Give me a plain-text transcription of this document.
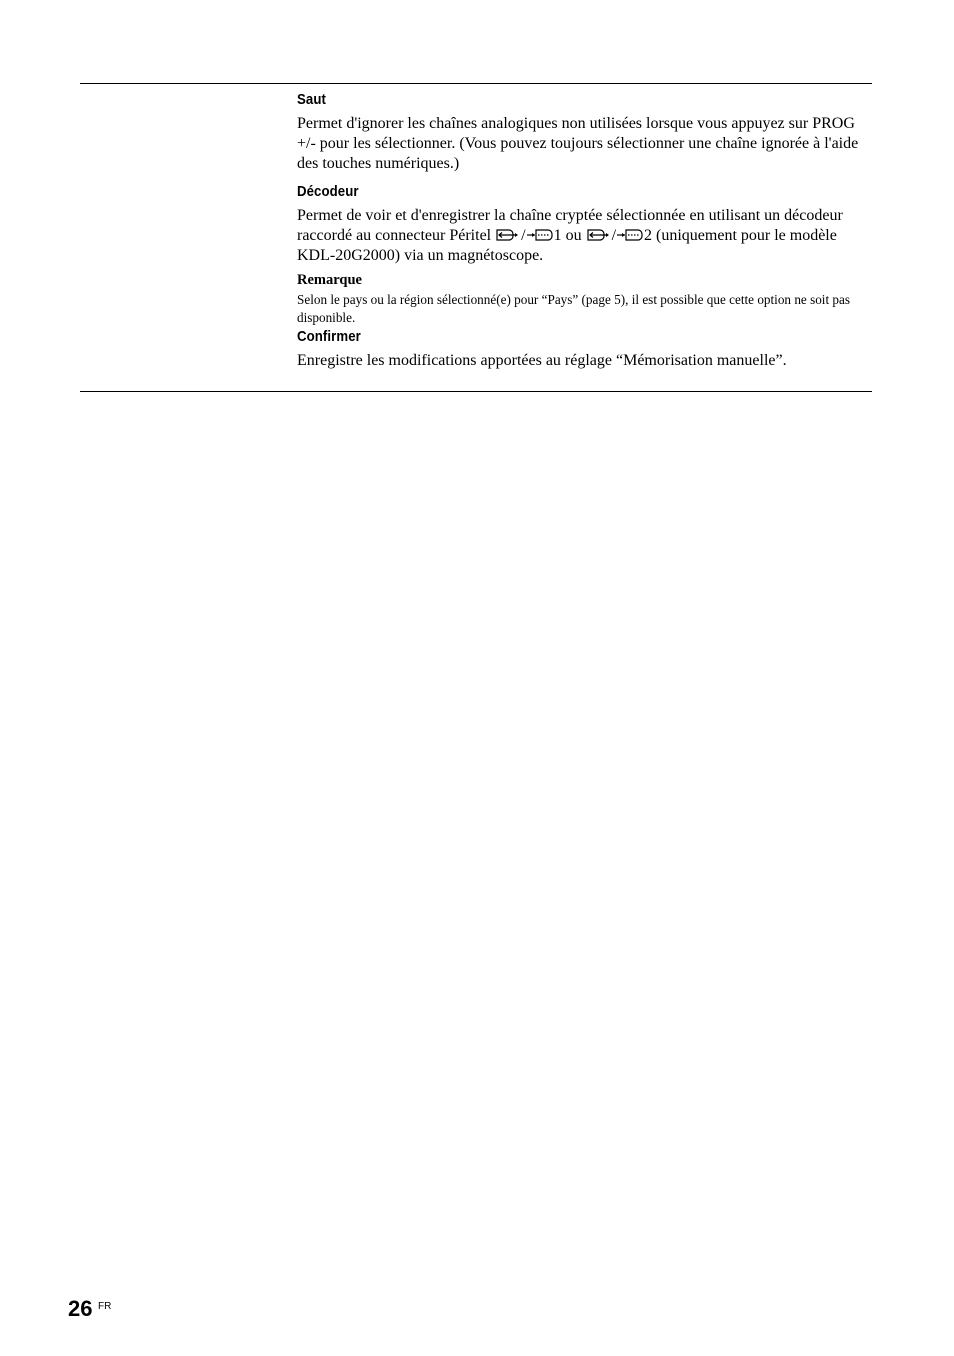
Saut

Permet d'ignorer les chaînes analogiques non utilisées lorsque vous appuyez sur PROG +/- pour les sélectionner. (Vous pouvez toujours sélectionner une chaîne ignorée à l'aide des touches numériques.)

Décodeur

Permet de voir et d'enregistrer la chaîne cryptée sélectionnée en utilisant un décodeur raccordé au connecteur Péritel
/ 1 ou
/ 2 (uniquement pour le modèle KDL-20G2000) via un magnétoscope.

Remarque

Selon le pays ou la région sélectionné(e) pour “Pays” (page 5), il est possible que cette option ne soit pas disponible.

Confirmer

Enregistre les modifications apportées au réglage “Mémorisation manuelle”.

26 FR
